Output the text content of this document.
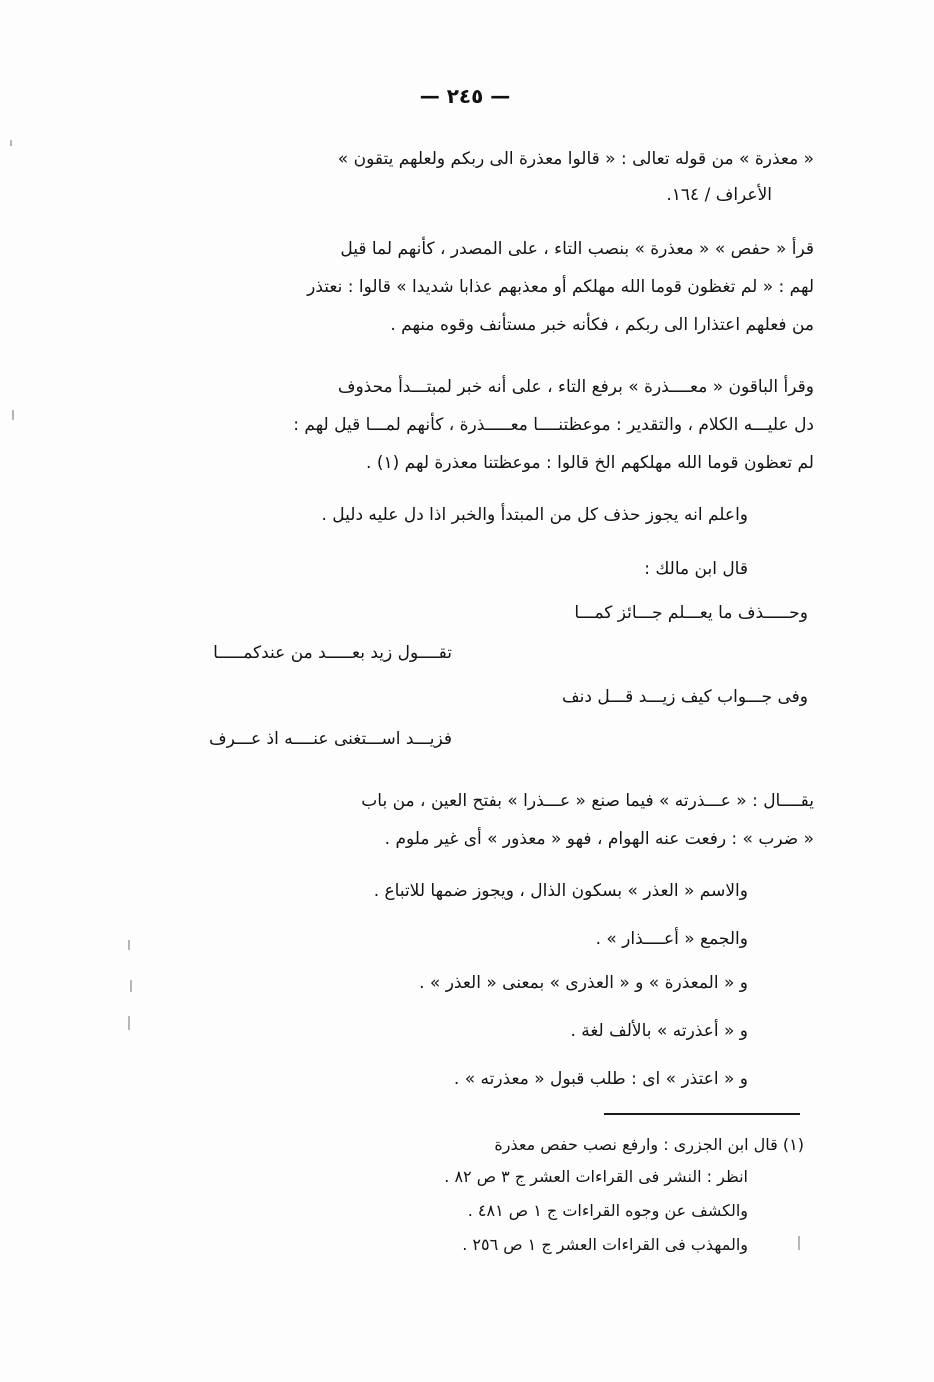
— ٢٤٥ —
« معذرة » من قوله تعالى : « قالوا معذرة الى ربكم ولعلهم يتقون »
الأعراف / ١٦٤.
قرأ « حفص » « معذرة » بنصب التاء ، على المصدر ، كأنهم لما قيل
لهم : « لم تغظون قوما الله مهلكم أو معذبهم عذابا شديدا » قالوا : نعتذر
من فعلهم اعتذارا الى ربكم ، فكأنه خبر مستأنف وقوه منهم .
وقرأ الباقون « معــــذرة » برفع التاء ، على أنه خبر لمبتـــدأ محذوف
دل عليـــه الكلام ، والتقدير : موعظتنــــا معـــــذرة ، كأنهم لمـــا قيل لهم :
لم تعظون قوما الله مهلكهم الخ قالوا : موعظتنا معذرة لهم (١) .
واعلم انه يجوز حذف كل من المبتدأ والخبر اذا دل عليه دليل .
قال ابن مالك :
وحـــــذف ما يعـــلم جـــائز كمـــا
تقــــول زيد بعـــــد من عندكمـــــا
وفى جـــواب كيف زيـــد قـــل دنف
فزيـــد اســـتغنى عنــــه اذ عـــرف
يقــــال : « عـــذرته » فيما صنع « عـــذرا » بفتح العين ، من باب
« ضرب » : رفعت عنه الهوام ، فهو « معذور » أى غير ملوم .
والاسم « العذر » بسكون الذال ، ويجوز ضمها للاتباع .
والجمع « أعــــذار » .
و « المعذرة » و « العذرى » بمعنى « العذر » .
و « أعذرته » بالألف لغة .
و « اعتذر » اى : طلب قبول « معذرته » .
(١) قال ابن الجزرى : وارفع نصب حفص معذرة
انظر : النشر فى القراءات العشر ج ٣ ص ٨٢ .
والكشف عن وجوه القراءات ج ١ ص ٤٨١ .
والمهذب فى القراءات العشر ج ١ ص ٢٥٦ .
